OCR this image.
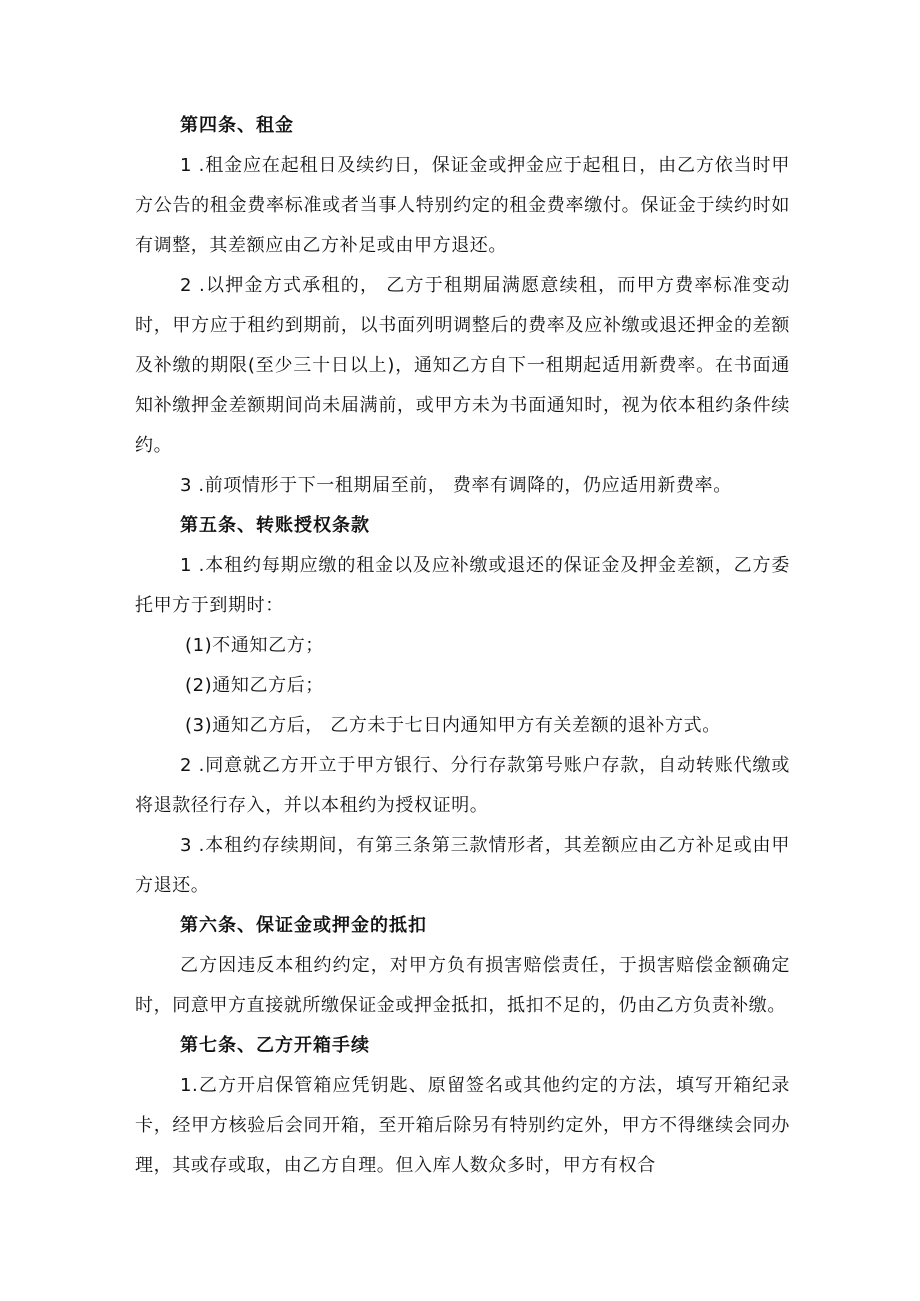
第四条、租金

1 .租金应在起租日及续约日，保证金或押金应于起租日，由乙方依当时甲方公告的租金费率标准或者当事人特别约定的租金费率缴付。保证金于续约时如有调整，其差额应由乙方补足或由甲方退还。

2 .以押金方式承租的， 乙方于租期届满愿意续租，而甲方费率标准变动时，甲方应于租约到期前，以书面列明调整后的费率及应补缴或退还押金的差额及补缴的期限(至少三十日以上)，通知乙方自下一租期起适用新费率。在书面通知补缴押金差额期间尚未届满前，或甲方未为书面通知时，视为依本租约条件续约。

3 .前项情形于下一租期届至前， 费率有调降的，仍应适用新费率。

第五条、转账授权条款

1 .本租约每期应缴的租金以及应补缴或退还的保证金及押金差额，乙方委托甲方于到期时：

(1)不通知乙方；

(2)通知乙方后；

(3)通知乙方后， 乙方未于七日内通知甲方有关差额的退补方式。

2 .同意就乙方开立于甲方银行、分行存款第号账户存款，自动转账代缴或将退款径行存入，并以本租约为授权证明。

3 .本租约存续期间，有第三条第三款情形者，其差额应由乙方补足或由甲方退还。

第六条、保证金或押金的抵扣

乙方因违反本租约约定，对甲方负有损害赔偿责任，于损害赔偿金额确定时，同意甲方直接就所缴保证金或押金抵扣，抵扣不足的，仍由乙方负责补缴。

第七条、乙方开箱手续

1.乙方开启保管箱应凭钥匙、原留签名或其他约定的方法，填写开箱纪录卡，经甲方核验后会同开箱，至开箱后除另有特别约定外，甲方不得继续会同办理，其或存或取，由乙方自理。但入库人数众多时，甲方有权合
